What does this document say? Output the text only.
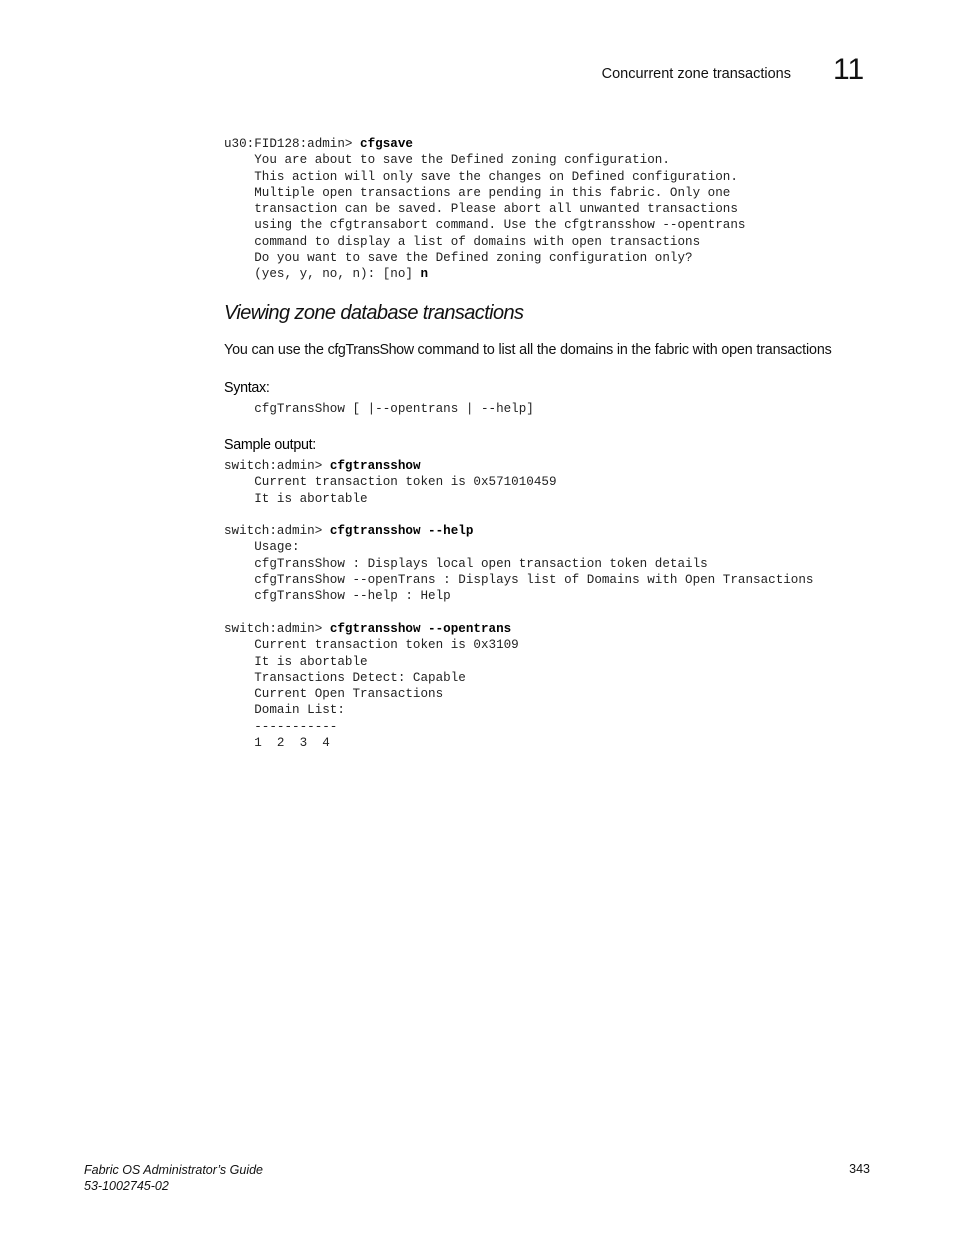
Concurrent zone transactions 11
u30:FID128:admin> cfgsave
You are about to save the Defined zoning configuration.
This action will only save the changes on Defined configuration.
Multiple open transactions are pending in this fabric. Only one
transaction can be saved. Please abort all unwanted transactions
using the cfgtransabort command. Use the cfgtransshow --opentrans
command to display a list of domains with open transactions
Do you want to save the Defined zoning configuration only?
(yes, y, no, n): [no] n
Viewing zone database transactions
You can use the cfgTransShow command to list all the domains in the fabric with open transactions
Syntax:
cfgTransShow [ |--opentrans | --help]
Sample output:
switch:admin> cfgtransshow
Current transaction token is 0x571010459
It is abortable

switch:admin> cfgtransshow --help
Usage:
cfgTransShow : Displays local open transaction token details
cfgTransShow --openTrans : Displays list of Domains with Open Transactions
cfgTransShow --help : Help

switch:admin> cfgtransshow --opentrans
Current transaction token is 0x3109
It is abortable
Transactions Detect: Capable
Current Open Transactions
Domain List:
-----------
1  2  3  4
Fabric OS Administrator’s Guide
53-1002745-02
343
